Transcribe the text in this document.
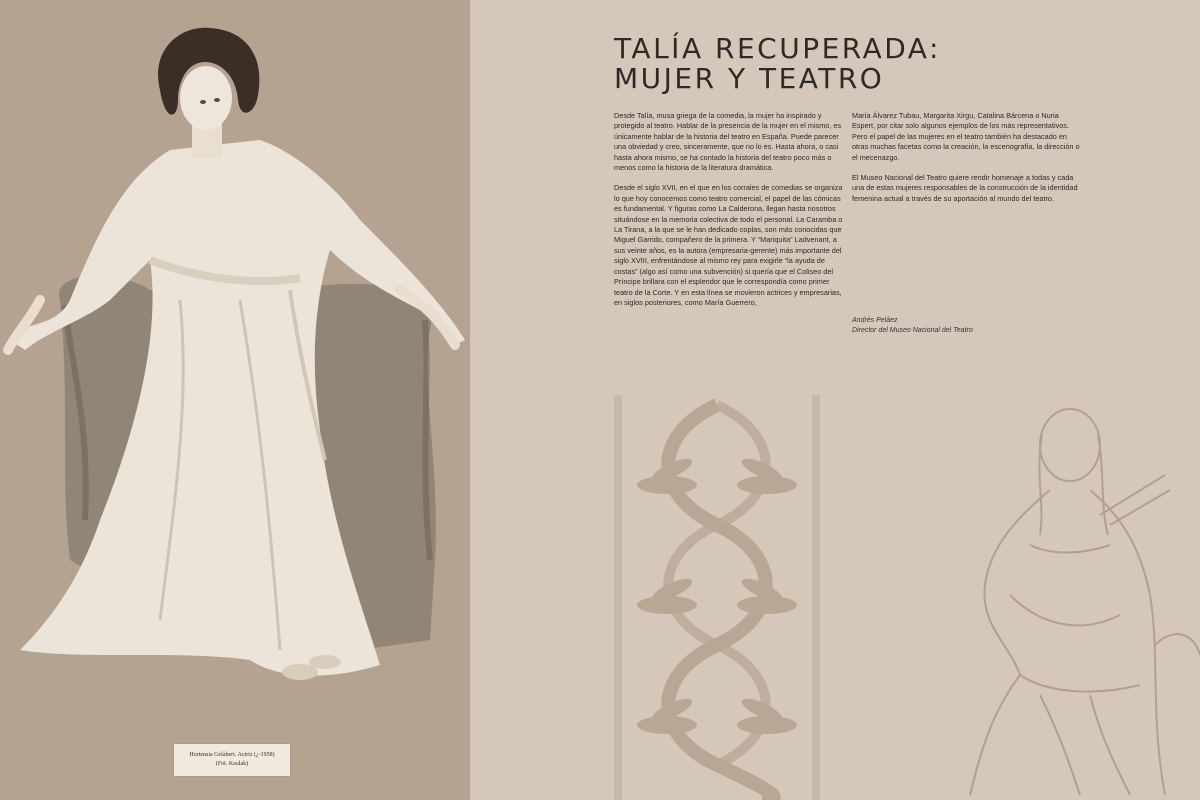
Hortensia Gelabert. Actriz (¿-1958)
(Fot. Kaulak)
TALÍA RECUPERADA:
MUJER Y TEATRO

Desde Talía, musa griega de la comedia, la mujer ha inspirado y protegido al teatro. Hablar de la presencia de la mujer en el mismo, es únicamente hablar de la historia del teatro en España. Puede parecer una obviedad y creo, sinceramente, que no lo es. Hasta ahora, o casi hasta ahora mismo, se ha contado la historia del teatro poco más o menos como la historia de la literatura dramática.

Desde el siglo XVII, en el que en los corrales de comedias se organiza lo que hoy conocemos como teatro comercial, el papel de las cómicas es fundamental. Y figuras como La Calderona, llegan hasta nosotros situándose en la memoria colectiva de todo el personal. La Caramba o La Tirana, a la que se le han dedicado coplas, son más conocidas que Miguel Garrido, compañero de la primera. Y “Mariquita” Ladvenant, a sus veinte años, es la autora (empresaria-gerente) más importante del siglo XVIII, enfrentándose al mismo rey para exigirle “la ayuda de costas” (algo así como una subvención) si quería que el Coliseo del Príncipe brillara con el esplendor que le correspondía como primer teatro de la Corte. Y en esta línea se movieron actrices y empresarias, en siglos posteriores, como María Guerrero,

María Álvarez Tubau, Margarita Xirgu, Catalina Bárcena o Nuria Espert, por citar solo algunos ejemplos de los más representativos. Pero el papel de las mujeres en el teatro también ha destacado en otras muchas facetas como la creación, la escenografía, la dirección o el mecenazgo.

El Museo Nacional del Teatro quiere rendir homenaje a todas y cada una de estas mujeres responsables de la construcción de la identidad femenina actual a través de su aportación al mundo del teatro.

Andrés Peláez
Director del Museo Nacional del Teatro
